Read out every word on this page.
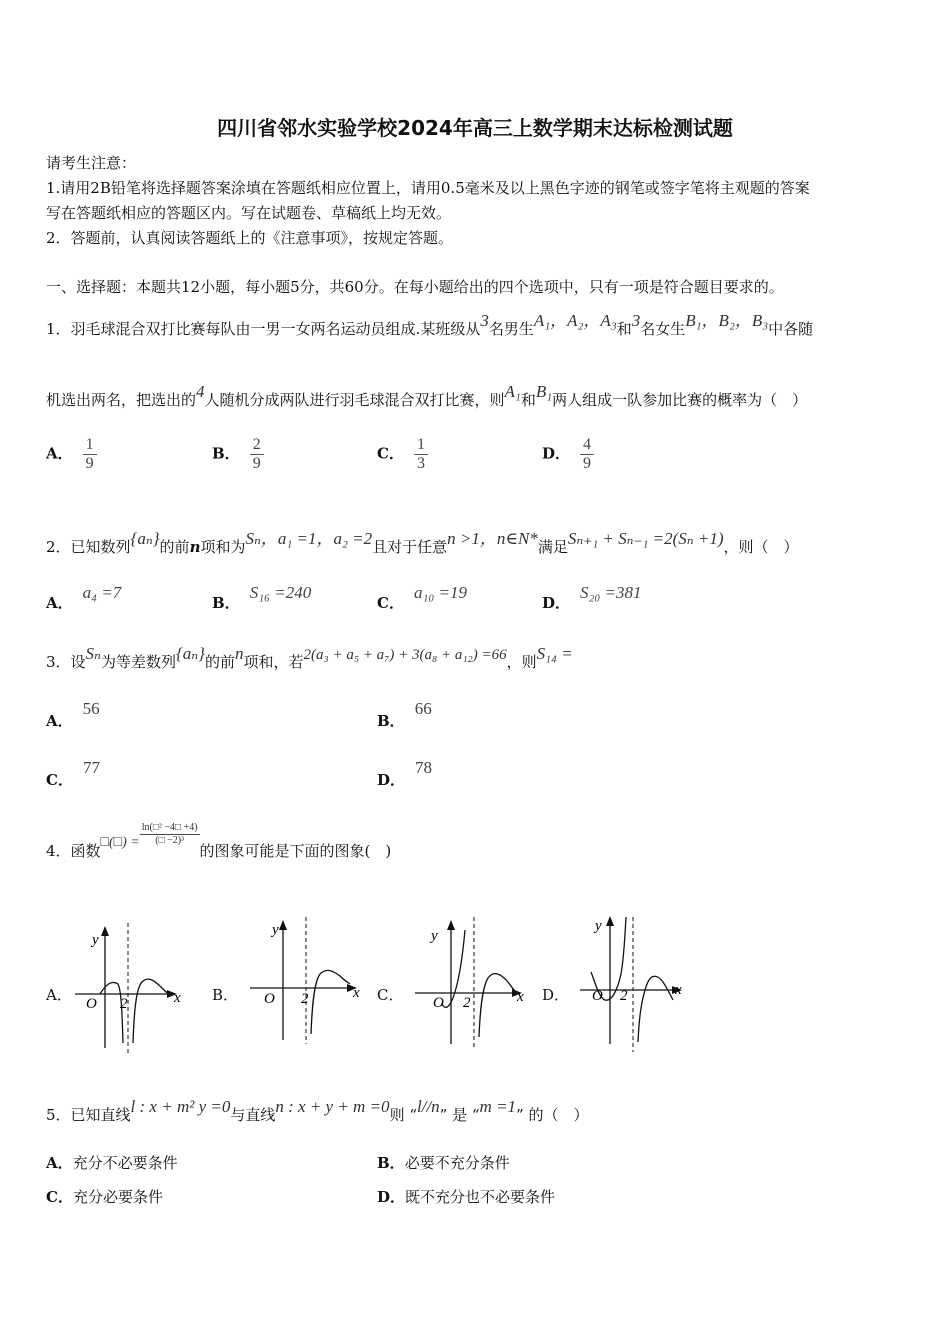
四川省邻水实验学校2024年高三上数学期末达标检测试题
请考生注意：
1.请用2B铅笔将选择题答案涂填在答题纸相应位置上，请用0.5毫米及以上黑色字迹的钢笔或签字笔将主观题的答案
写在答题纸相应的答题区内。写在试题卷、草稿纸上均无效。
2．答题前，认真阅读答题纸上的《注意事项》，按规定答题。
一、选择题：本题共12小题，每小题5分，共60分。在每小题给出的四个选项中，只有一项是符合题目要求的。
1．羽毛球混合双打比赛每队由一男一女两名运动员组成.某班级从3名男生A₁，A₂，A₃和3名女生B₁，B₂，B₃中各随
机选出两名，把选出的4人随机分成两队进行羽毛球混合双打比赛，则A₁和B₁两人组成一队参加比赛的概率为（　）
A． $\frac{1}{9}$	B． $\frac{2}{9}$	C． $\frac{1}{3}$	D． $\frac{4}{9}$
2．已知数列{aₙ}的前n项和为Sₙ，a₁ =1，a₂ =2且对于任意n >1，n∈N*满足Sₙ₊₁ + Sₙ₋₁ =2(Sₙ +1)，则（　）
A．a₄ =7
B．S₁₆ =240
C．a₁₀ =19
D．S₂₀ =381
3．设Sₙ为等差数列{aₙ}的前n项和，若2(a₃ + a₅ + a₇) + 3(a₈ + a₁₂) =66，则S₁₄ =
A．56
B．66
C．77
D．78
4．函数□(□) = $\frac{\text{ln(□² −4□ +4)}}{\text{(□ −2)³}}$
的图象可能是下面的图象(　)
A．	B．	C．	D．
y
x
O 2
y
x
O 2
y
x
O 2
y
x
O 2
5．已知直线l : x + m² y =0与直线n : x + y + m =0则 “l//n” 是 “m =1” 的（　）
A．充分不必要条件	B．必要不充分条件
C．充分必要条件	D．既不充分也不必要条件
